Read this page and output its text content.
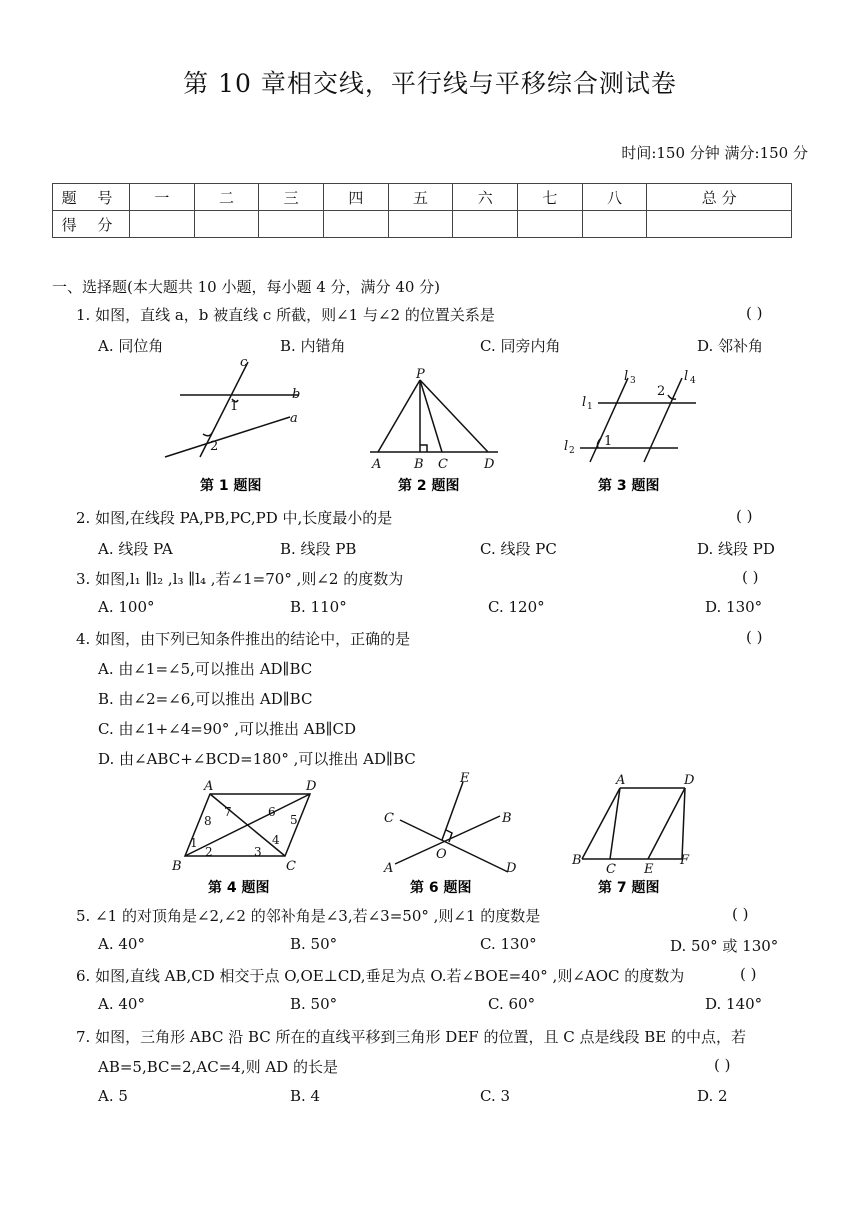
第 10 章相交线，平行线与平移综合测试卷
时间:150 分钟 满分:150 分
题 号	一	二	三	四	五	六	七	八	总 分
得 分									
一、选择题(本大题共 10 小题，每小题 4 分，满分 40 分)
1. 如图，直线 a，b 被直线 c 所截，则∠1 与∠2 的位置关系是	( )
A. 同位角	B. 内错角	C. 同旁内角	D. 邻补角
c
b
a
P
A	B C	D
l	l
l
l
3	4
1
2
1
2	1
2
第 1 题图	第 2 题图	第 3 题图
2. 如图,在线段 PA,PB,PC,PD 中,长度最小的是	( )
A. 线段 PA	B. 线段 PB	C. 线段 PC	D. 线段 PD
3. 如图,l₁ ∥l₂ ,l₃ ∥l₄ ,若∠1=70° ,则∠2 的度数为	( )
A. 100°	B. 110°	C. 120°	D. 130°
4. 如图，由下列已知条件推出的结论中，正确的是	( )
A. 由∠1=∠5,可以推出 AD∥BC
B. 由∠2=∠6,可以推出 AD∥BC
C. 由∠1+∠4=90° ,可以推出 AB∥CD
D. 由∠ABC+∠BCD=180° ,可以推出 AD∥BC
A	D
B	C
E
C	B
O
A	D
A	D
B
C E
F
7	6
8	5
1
2	3
4
第 4 题图	第 6 题图	第 7 题图
5. ∠1 的对顶角是∠2,∠2 的邻补角是∠3,若∠3=50° ,则∠1 的度数是	( )
A. 40°	B. 50°	C. 130°	D. 50° 或 130°
6. 如图,直线 AB,CD 相交于点 O,OE⊥CD,垂足为点 O.若∠BOE=40° ,则∠AOC 的度数为	( )
A. 40°	B. 50°	C. 60°	D. 140°
7. 如图，三角形 ABC 沿 BC 所在的直线平移到三角形 DEF 的位置，且 C 点是线段 BE 的中点，若
AB=5,BC=2,AC=4,则 AD 的长是	( )
A. 5	B. 4	C. 3	D. 2
